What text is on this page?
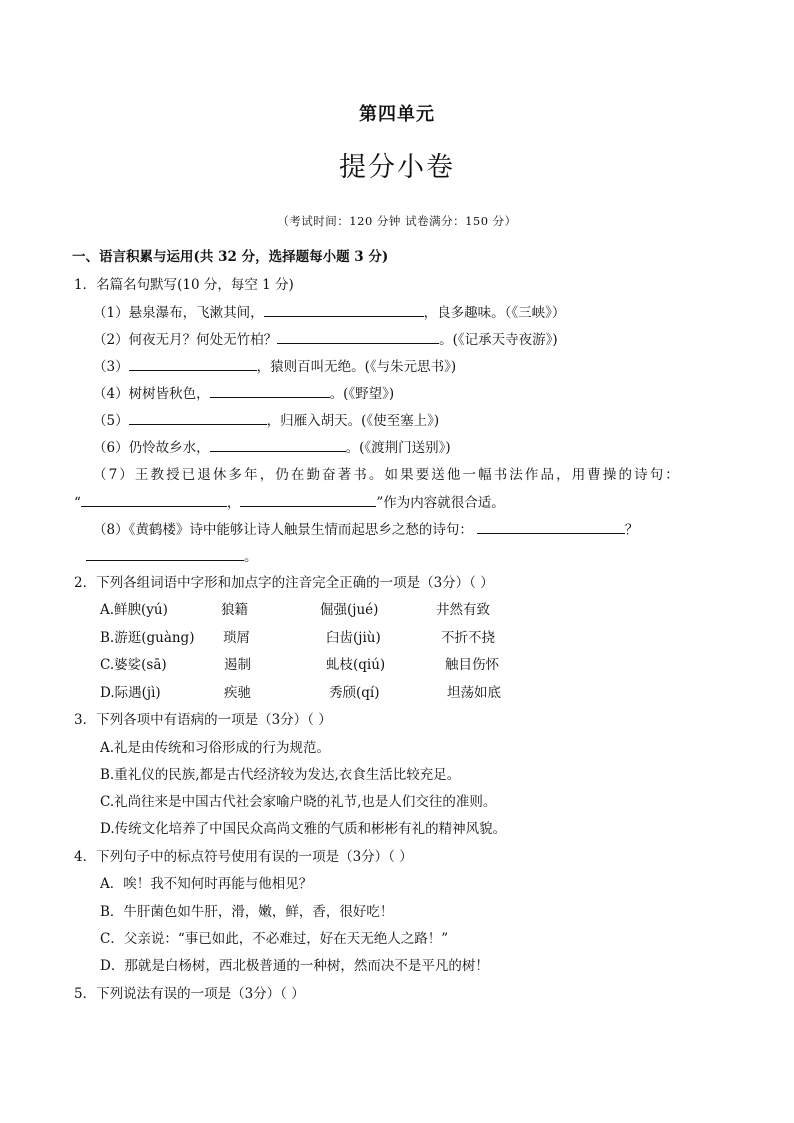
第四单元
提分小卷
（考试时间：120 分钟 试卷满分：150 分）
一、语言积累与运用(共 32 分，选择题每小题 3 分)
1．名篇名句默写(10 分，每空 1 分)
（1）悬泉瀑布，飞漱其间，	，良多趣味。（《三峡》）
（2）何夜无月？何处无竹柏？	。(《记承天寺夜游》)
（3）	，猿则百叫无绝。(《与朱元思书》)
（4）树树皆秋色，	。(《野望》)
（5）	，归雁入胡天。(《使至塞上》)
（6）仍怜故乡水，	。(《渡荆门送别》)
（7）王教授已退休多年，仍在勤奋著书。如果要送他一幅书法作品，用曹操的诗句：
“	，	”作为内容就很合适。
（8）《黄鹤楼》诗中能够让诗人触景生情而起思乡之愁的诗句：	？
。
2．下列各组词语中字形和加点字的注音完全正确的一项是（3分）（ ）
A.鲜腴(yú)	狼籍	倔强(jué)	井然有致
B.游逛(guàng) 琐屑	臼齿(jiù)	不折不挠
C.婆娑(sā)	遏制	虬枝(qiú)	触目伤怀
D.际遇(jì)	疾驰	秀颀(qí)	坦荡如底
3．下列各项中有语病的一项是（3分）（ ）
A.礼是由传统和习俗形成的行为规范。
B.重礼仪的民族,都是古代经济较为发达,衣食生活比较充足。
C.礼尚往来是中国古代社会家喻户晓的礼节,也是人们交往的准则。
D.传统文化培养了中国民众高尚文雅的气质和彬彬有礼的精神风貌。
4．下列句子中的标点符号使用有误的一项是（3分）（ ）
A．唉！我不知何时再能与他相见？
B．牛肝菌色如牛肝，滑，嫩，鲜，香，很好吃！
C．父亲说：“事已如此，不必难过，好在天无绝人之路！”
D．那就是白杨树，西北极普通的一种树，然而决不是平凡的树！
5．下列说法有误的一项是（3分）（ ）
